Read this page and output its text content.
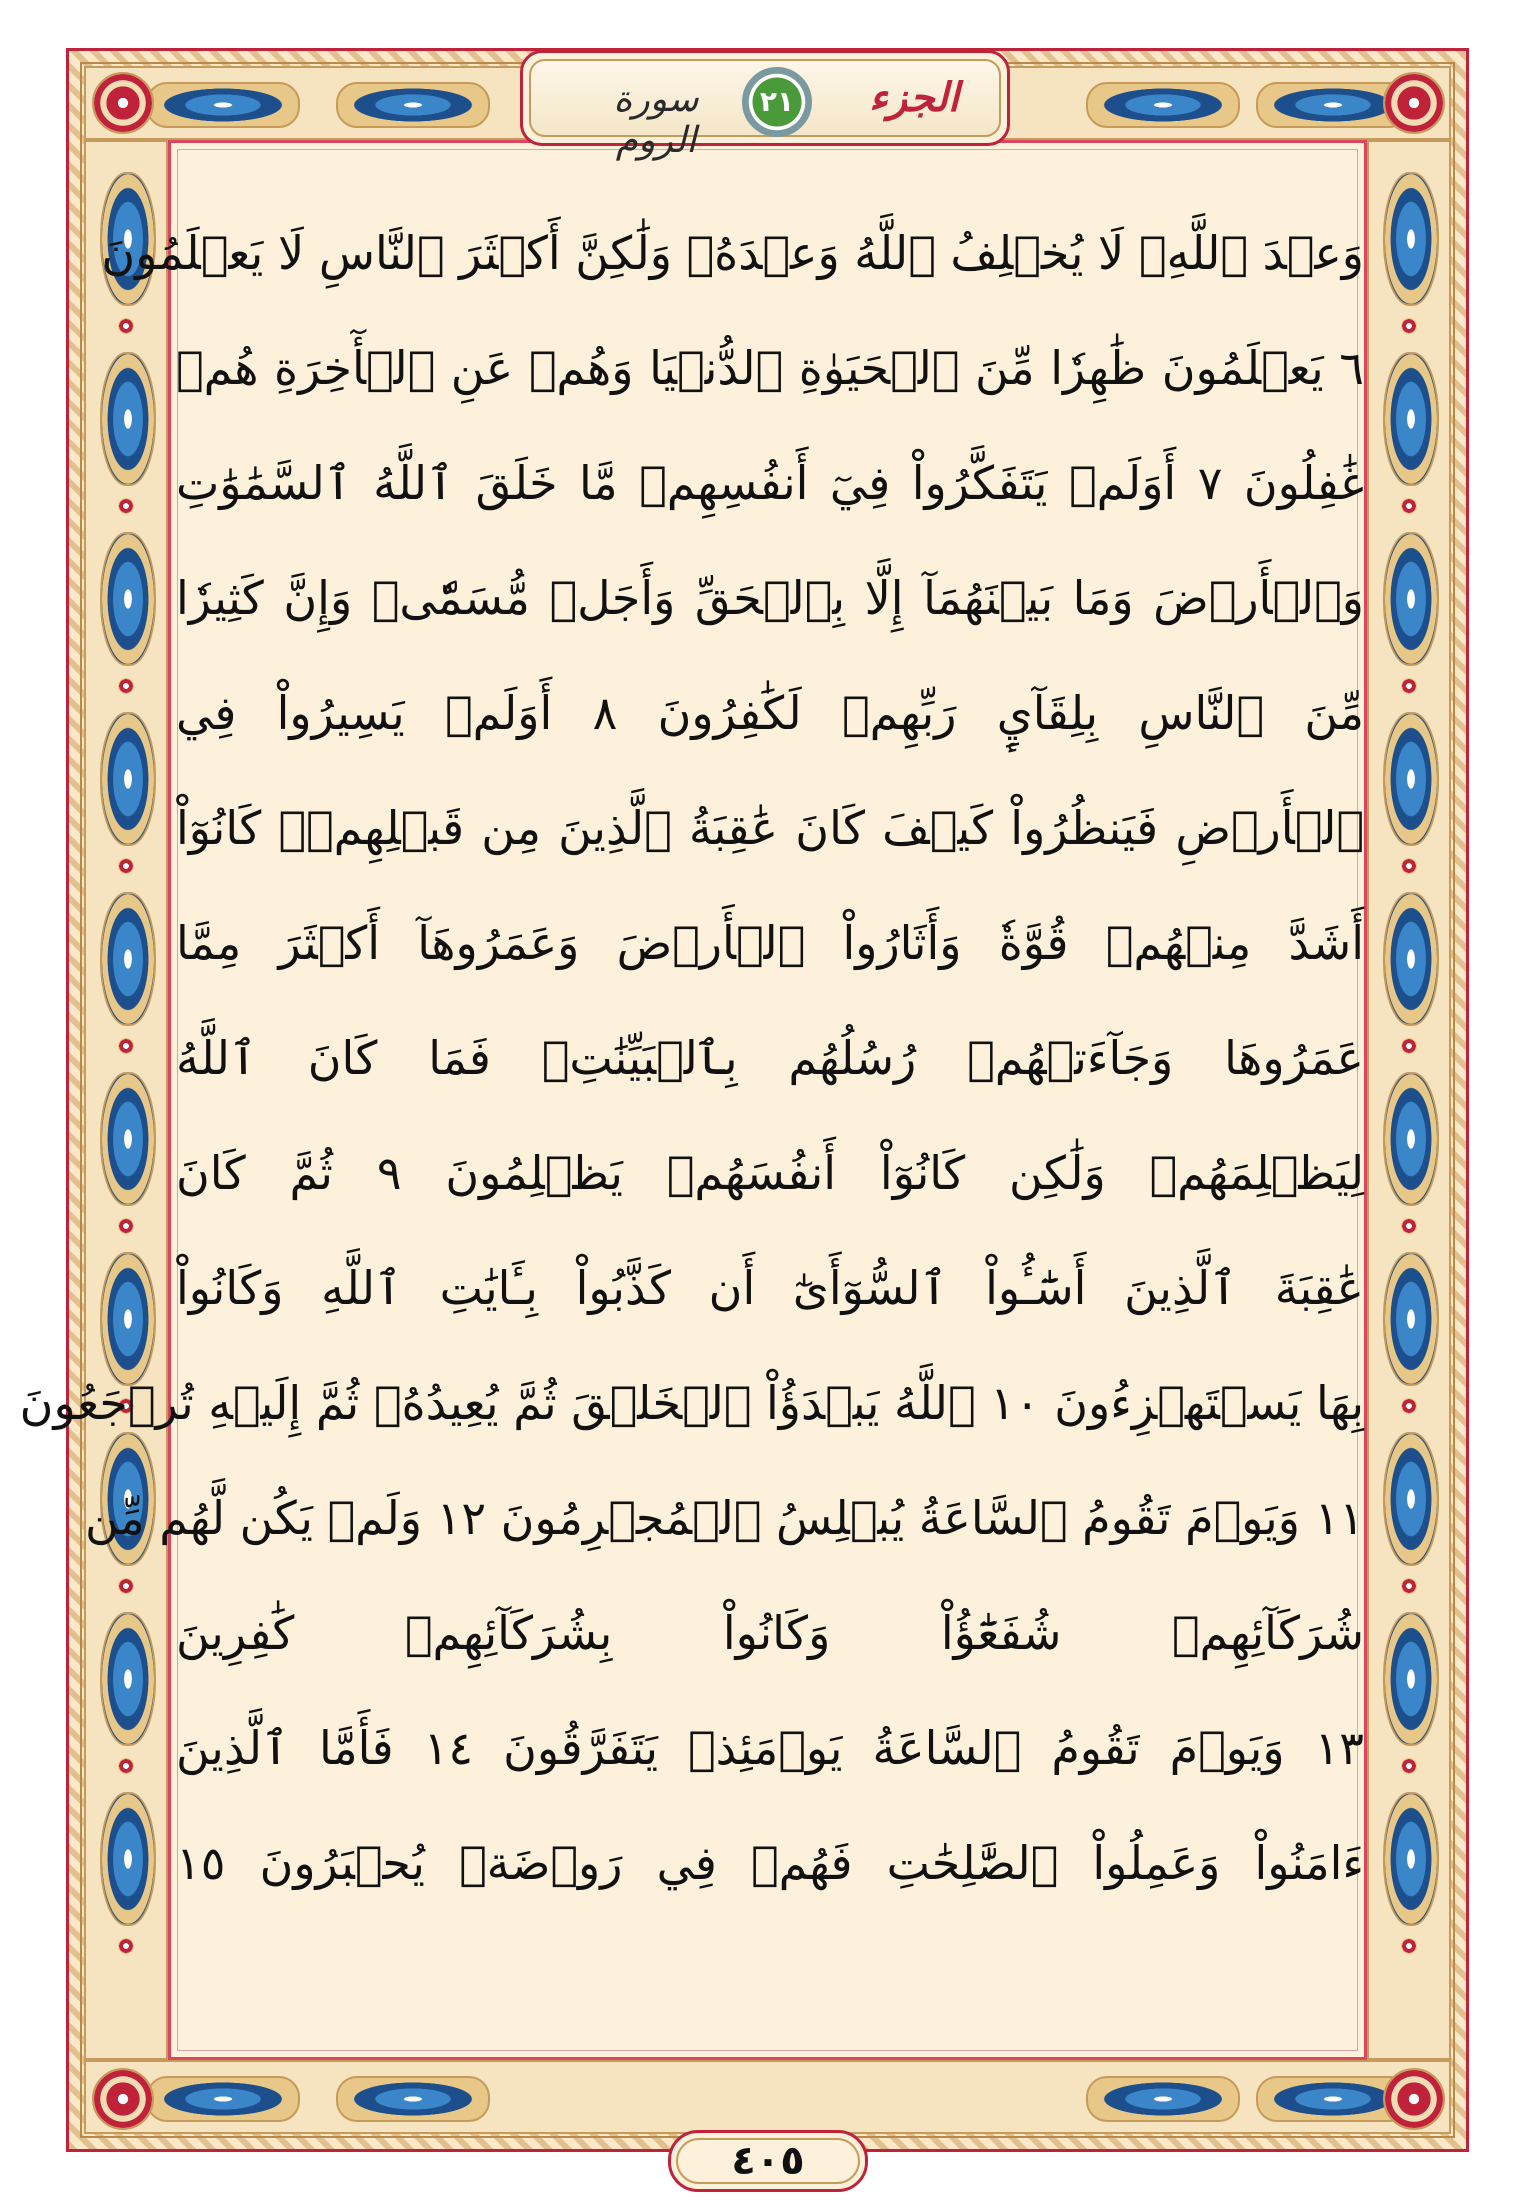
سورة الروم
٢١ الجزء
وَعۡدَ ٱللَّهِۖ لَا يُخۡلِفُ ٱللَّهُ وَعۡدَهُۥ وَلَٰكِنَّ أَكۡثَرَ ٱلنَّاسِ لَا يَعۡلَمُونَ
٦ يَعۡلَمُونَ ظَٰهِرٗا مِّنَ ٱلۡحَيَوٰةِ ٱلدُّنۡيَا وَهُمۡ عَنِ ٱلۡأٓخِرَةِ هُمۡ
غَٰفِلُونَ ٧ أَوَلَمۡ يَتَفَكَّرُواْ فِيٓ أَنفُسِهِمۗ مَّا خَلَقَ ٱللَّهُ ٱلسَّمَٰوَٰتِ
وَٱلۡأَرۡضَ وَمَا بَيۡنَهُمَآ إِلَّا بِٱلۡحَقِّ وَأَجَلٖ مُّسَمّٗىۗ وَإِنَّ كَثِيرٗا
مِّنَ ٱلنَّاسِ بِلِقَآيِٕ رَبِّهِمۡ لَكَٰفِرُونَ ٨ أَوَلَمۡ يَسِيرُواْ فِي
ٱلۡأَرۡضِ فَيَنظُرُواْ كَيۡفَ كَانَ عَٰقِبَةُ ٱلَّذِينَ مِن قَبۡلِهِمۡۚ كَانُوٓاْ
أَشَدَّ مِنۡهُمۡ قُوَّةٗ وَأَثَارُواْ ٱلۡأَرۡضَ وَعَمَرُوهَآ أَكۡثَرَ مِمَّا
عَمَرُوهَا وَجَآءَتۡهُمۡ رُسُلُهُم بِٱلۡبَيِّنَٰتِۖ فَمَا كَانَ ٱللَّهُ
لِيَظۡلِمَهُمۡ وَلَٰكِن كَانُوٓاْ أَنفُسَهُمۡ يَظۡلِمُونَ ٩ ثُمَّ كَانَ
عَٰقِبَةَ ٱلَّذِينَ أَسَٰٓـُٔواْ ٱلسُّوٓأَىٰٓ أَن كَذَّبُواْ بِـَٔايَٰتِ ٱللَّهِ وَكَانُواْ
بِهَا يَسۡتَهۡزِءُونَ ١٠ ٱللَّهُ يَبۡدَؤُاْ ٱلۡخَلۡقَ ثُمَّ يُعِيدُهُۥ ثُمَّ إِلَيۡهِ تُرۡجَعُونَ
١١ وَيَوۡمَ تَقُومُ ٱلسَّاعَةُ يُبۡلِسُ ٱلۡمُجۡرِمُونَ ١٢ وَلَمۡ يَكُن لَّهُم مِّن
شُرَكَآئِهِمۡ شُفَعَٰٓؤُاْ وَكَانُواْ بِشُرَكَآئِهِمۡ كَٰفِرِينَ
١٣ وَيَوۡمَ تَقُومُ ٱلسَّاعَةُ يَوۡمَئِذٖ يَتَفَرَّقُونَ ١٤ فَأَمَّا ٱلَّذِينَ
ءَامَنُواْ وَعَمِلُواْ ٱلصَّٰلِحَٰتِ فَهُمۡ فِي رَوۡضَةٖ يُحۡبَرُونَ ١٥
٤٠٥
